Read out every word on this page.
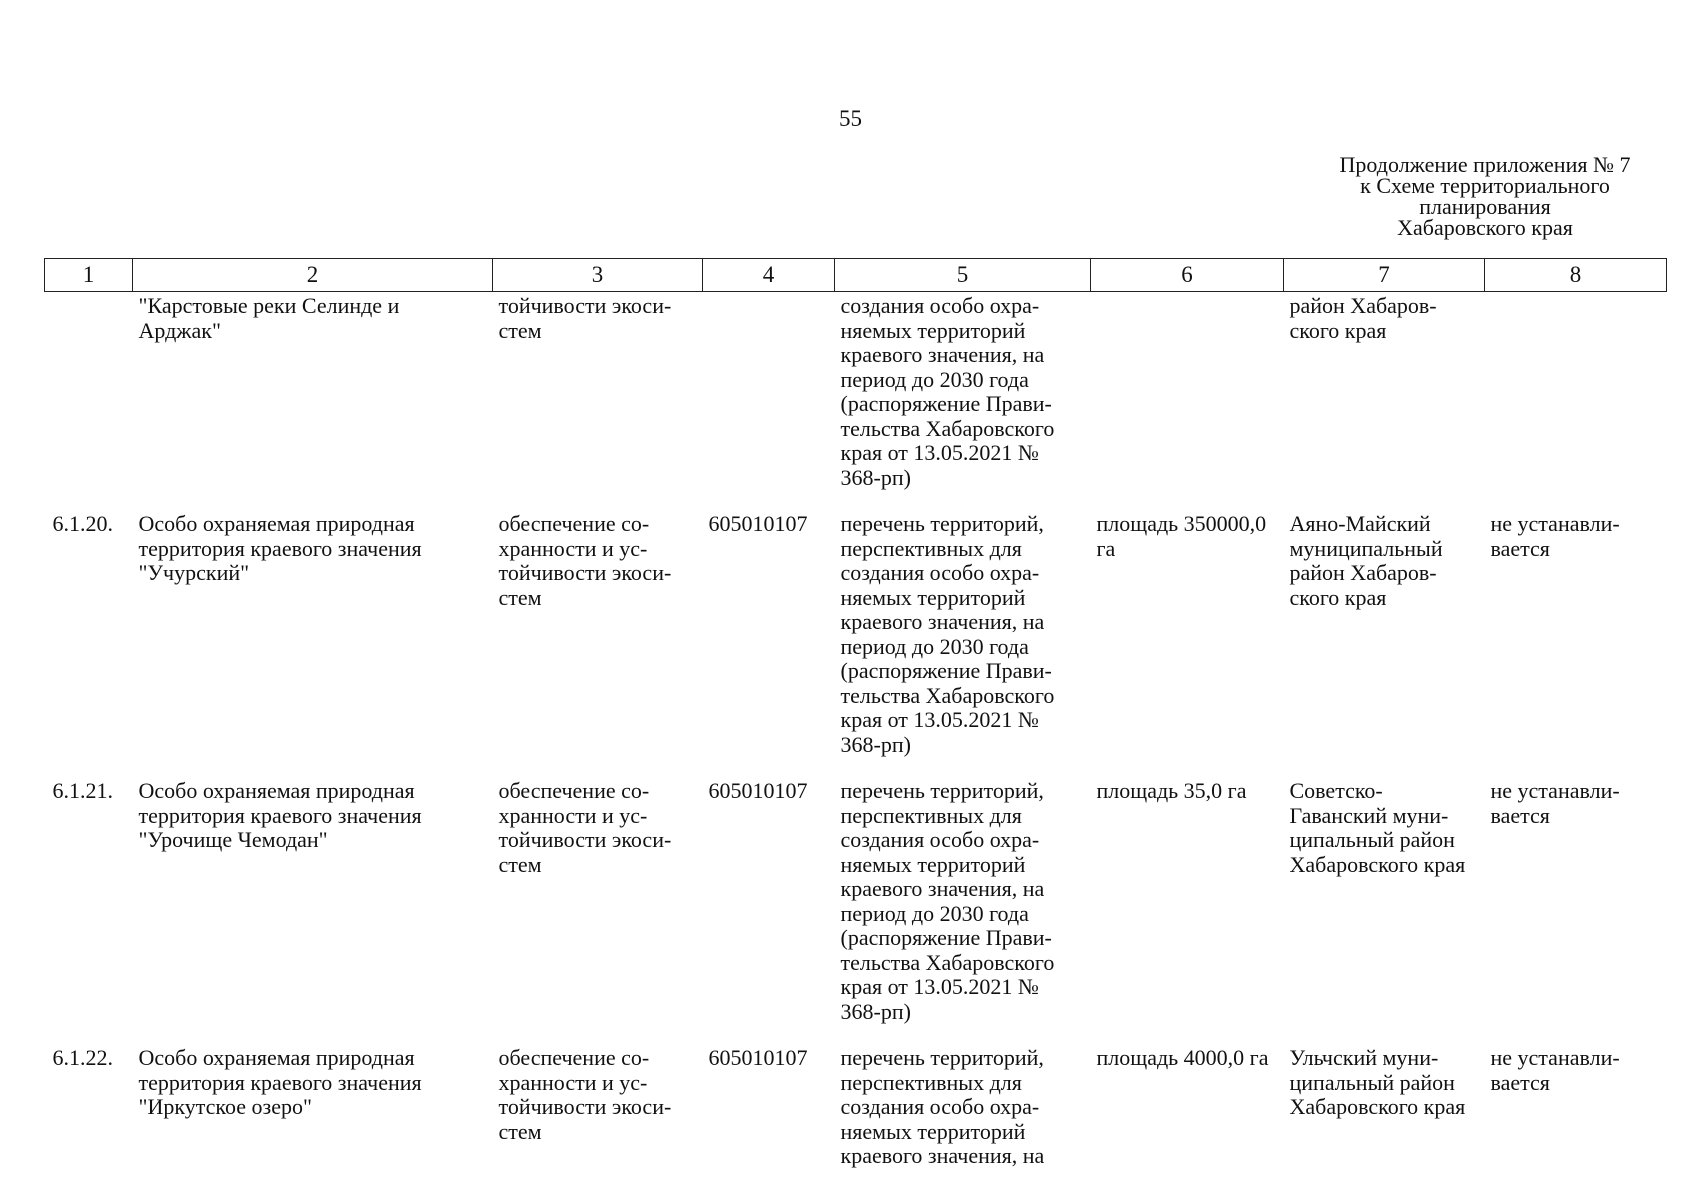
55
Продолжение приложения № 7
к Схеме территориального
планирования
Хабаровского края
1	2	3	4	5	6	7	8
	"Карстовые реки Селинде и Арджак"	тойчивости экоси-стем		создания особо охра-няемых территорий краевого значения, на период до 2030 года (распоряжение Прави-тельства Хабаровского края от 13.05.2021 № 368-рп)		район Хабаров-ского края	
6.1.20.	Особо охраняемая природная территория краевого значения "Учурский"	обеспечение со-хранности и ус-тойчивости экоси-стем	605010107	перечень территорий, перспективных для создания особо охра-няемых территорий краевого значения, на период до 2030 года (распоряжение Прави-тельства Хабаровского края от 13.05.2021 № 368-рп)	площадь 350000,0 га	Аяно-Майский муниципальный район Хабаров-ского края	не устанавли-вается
6.1.21.	Особо охраняемая природная территория краевого значения "Урочище Чемодан"	обеспечение со-хранности и ус-тойчивости экоси-стем	605010107	перечень территорий, перспективных для создания особо охра-няемых территорий краевого значения, на период до 2030 года (распоряжение Прави-тельства Хабаровского края от 13.05.2021 № 368-рп)	площадь 35,0 га	Советско-Гаванский муни-ципальный район Хабаровского края	не устанавли-вается
6.1.22.	Особо охраняемая природная территория краевого значения "Иркутское озеро"	обеспечение со-хранности и ус-тойчивости экоси-стем	605010107	перечень территорий, перспективных для создания особо охра-няемых территорий краевого значения, на	площадь 4000,0 га	Ульчский муни-ципальный район Хабаровского края	не устанавли-вается
